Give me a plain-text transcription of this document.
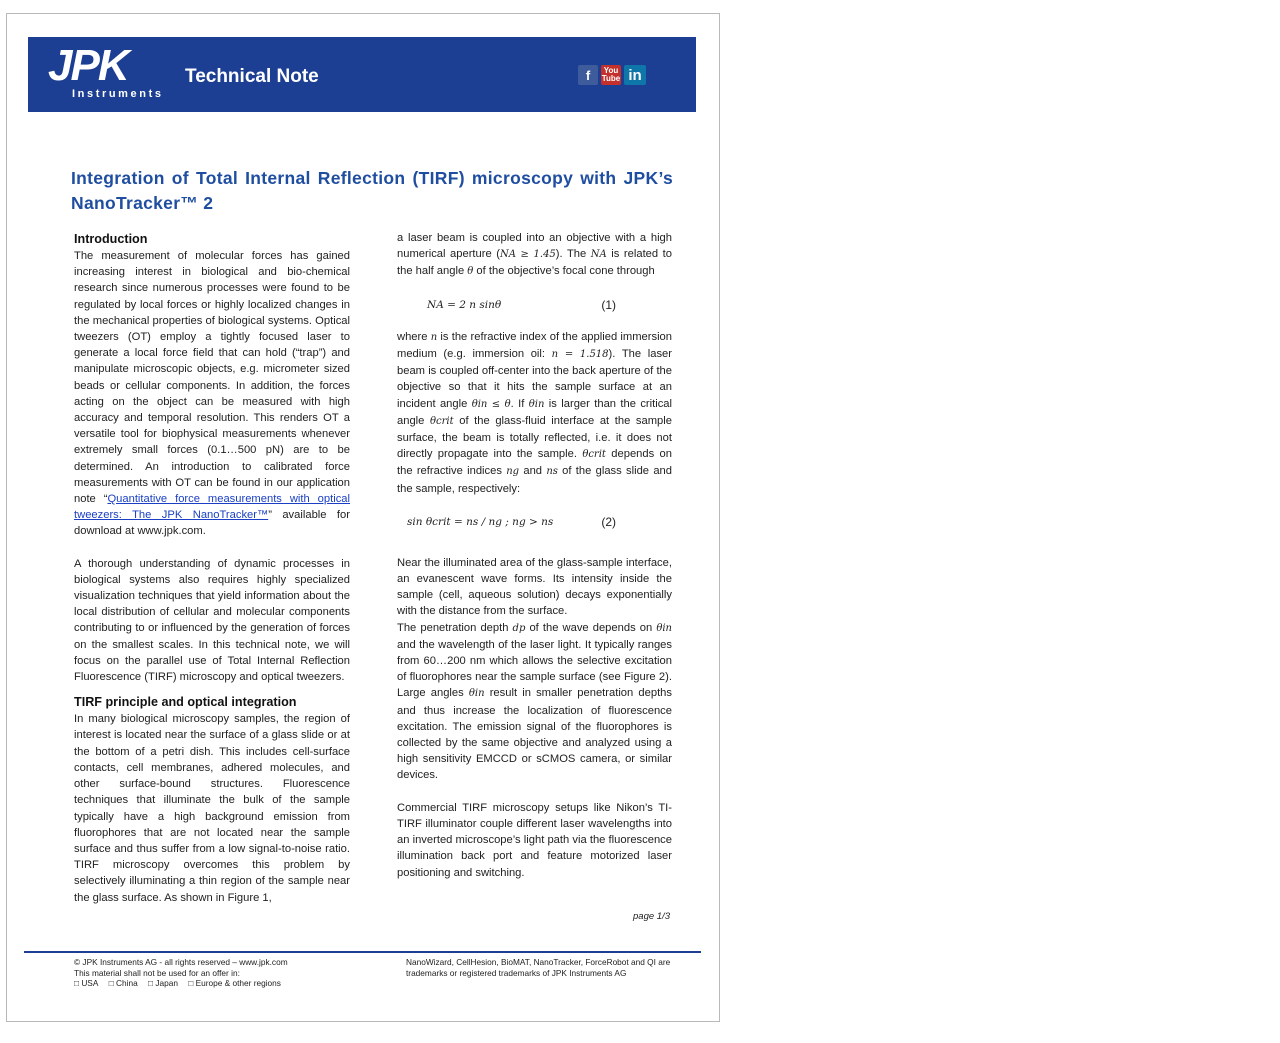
JPK
Instruments
Technical Note	f	You
Tube in
Integration of Total Internal Reflection (TIRF) microscopy with JPK’s NanoTracker™ 2
Introduction

The measurement of molecular forces has gained increasing interest in biological and bio-chemical research since numerous processes were found to be regulated by local forces or highly localized changes in the mechanical properties of biological systems. Optical tweezers (OT) employ a tightly focused laser to generate a local force field that can hold (“trap”) and manipulate microscopic objects, e.g. micrometer sized beads or cellular components. In addition, the forces acting on the object can be measured with high accuracy and temporal resolution. This renders OT a versatile tool for biophysical measurements whenever extremely small forces (0.1…500 pN) are to be determined. An introduction to calibrated force measurements with OT can be found in our application note “Quantitative force measurements with optical tweezers: The JPK NanoTracker™” available for download at www.jpk.com.

A thorough understanding of dynamic processes in biological systems also requires highly specialized visualization techniques that yield information about the local distribution of cellular and molecular components contributing to or influenced by the generation of forces on the smallest scales. In this technical note, we will focus on the parallel use of Total Internal Reflection Fluorescence (TIRF) microscopy and optical tweezers.

TIRF principle and optical integration

In many biological microscopy samples, the region of interest is located near the surface of a glass slide or at the bottom of a petri dish. This includes cell-surface contacts, cell membranes, adhered molecules, and other surface-bound structures. Fluorescence techniques that illuminate the bulk of the sample typically have a high background emission from fluorophores that are not located near the sample surface and thus suffer from a low signal-to-noise ratio. TIRF microscopy overcomes this problem by selectively illuminating a thin region of the sample near the glass surface. As shown in Figure 1,

a laser beam is coupled into an objective with a high numerical aperture (NA ≥ 1.45). The NA is related to the half angle θ of the objective’s focal cone through

NA = 2 n sinθ	(1)

where n is the refractive index of the applied immersion medium (e.g. immersion oil: n = 1.518). The laser beam is coupled off-center into the back aperture of the objective so that it hits the sample surface at an incident angle θin ≤ θ. If θin is larger than the critical angle θcrit of the glass-fluid interface at the sample surface, the beam is totally reflected, i.e. it does not directly propagate into the sample. θcrit depends on the refractive indices ng and ns of the glass slide and the sample, respectively:

sin θcrit = ns / ng ; ng > ns	(2)

Near the illuminated area of the glass-sample interface, an evanescent wave forms. Its intensity inside the sample (cell, aqueous solution) decays exponentially with the distance from the surface.

The penetration depth dp of the wave depends on θin and the wavelength of the laser light. It typically ranges from 60…200 nm which allows the selective excitation of fluorophores near the sample surface (see Figure 2). Large angles θin result in smaller penetration depths and thus increase the localization of fluorescence excitation. The emission signal of the fluorophores is collected by the same objective and analyzed using a high sensitivity EMCCD or sCMOS camera, or similar devices.

Commercial TIRF microscopy setups like Nikon’s TI-TIRF illuminator couple different laser wavelengths into an inverted microscope’s light path via the fluorescence illumination back port and feature motorized laser positioning and switching.

page 1/3
© JPK Instruments AG - all rights reserved – www.jpk.com
This material shall not be used for an offer in:
□ USA □ China □ Japan □ Europe & other regions
NanoWizard, CellHesion, BioMAT, NanoTracker, ForceRobot and QI are trademarks or registered trademarks of JPK Instruments AG
